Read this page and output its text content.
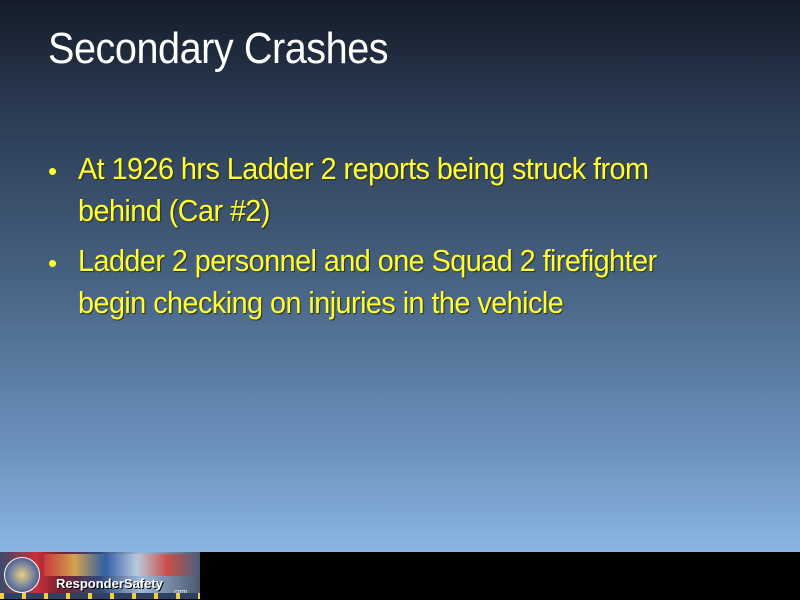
Secondary Crashes
• At 1926 hrs Ladder 2 reports being struck from behind (Car #2)
• Ladder 2 personnel and one Squad 2 firefighter begin checking on injuries in the vehicle
ResponderSafety
